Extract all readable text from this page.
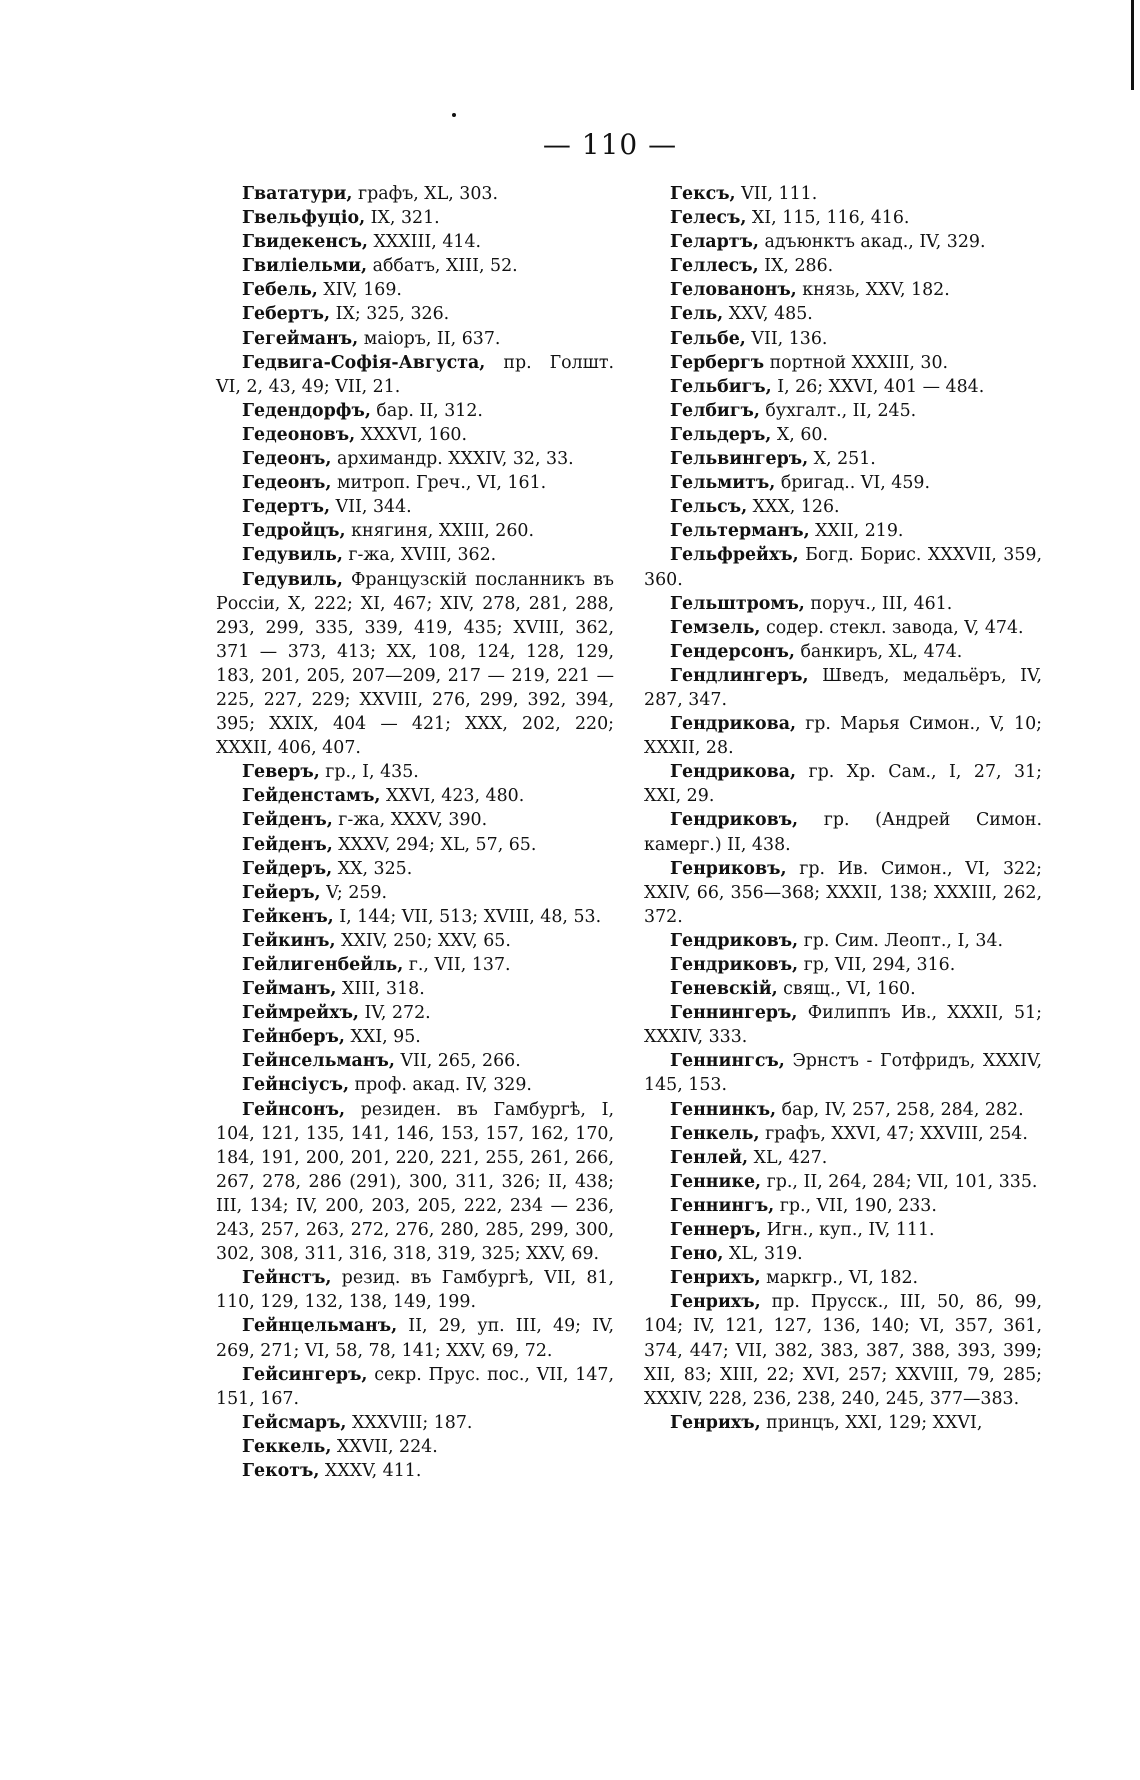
— 110 —

Гвататури, графъ, XL, 303.

Гвельфуціо, IX, 321.

Гвидекенсъ, XXXIII, 414.

Гвиліельми, аббатъ, XIII, 52.

Гебель, XIV, 169.

Гебертъ, IX; 325, 326.

Гегейманъ, маіоръ, II, 637.

Гедвига-Софія-Августа, пр. Голшт. VI, 2, 43, 49; VII, 21.

Гедендорфъ, бар. II, 312.

Гедеоновъ, XXXVI, 160.

Гедеонъ, архимандр. XXXIV, 32, 33.

Гедеонъ, митроп. Греч., VI, 161.

Гедертъ, VII, 344.

Гедройцъ, княгиня, XXIII, 260.

Гедувиль, г-жа, XVIII, 362.

Гедувиль, Французскій посланникъ въ Россіи, X, 222; XI, 467; XIV, 278, 281, 288, 293, 299, 335, 339, 419, 435; XVIII, 362, 371 — 373, 413; XX, 108, 124, 128, 129, 183, 201, 205, 207—209, 217 — 219, 221 — 225, 227, 229; XXVIII, 276, 299, 392, 394, 395; XXIX, 404 — 421; XXX, 202, 220; XXXII, 406, 407.

Геверъ, гр., I, 435.

Гейденстамъ, XXVI, 423, 480.

Гейденъ, г-жа, XXXV, 390.

Гейденъ, XXXV, 294; XL, 57, 65.

Гейдеръ, XX, 325.

Гейеръ, V; 259.

Гейкенъ, I, 144; VII, 513; XVIII, 48, 53.

Гейкинъ, XXIV, 250; XXV, 65.

Гейлигенбейль, г., VII, 137.

Гейманъ, XIII, 318.

Геймрейхъ, IV, 272.

Гейнберъ, XXI, 95.

Гейнсельманъ, VII, 265, 266.

Гейнсіусъ, проф. акад. IV, 329.

Гейнсонъ, резиден. въ Гамбургѣ, I, 104, 121, 135, 141, 146, 153, 157, 162, 170, 184, 191, 200, 201, 220, 221, 255, 261, 266, 267, 278, 286 (291), 300, 311, 326; II, 438; III, 134; IV, 200, 203, 205, 222, 234 — 236, 243, 257, 263, 272, 276, 280, 285, 299, 300, 302, 308, 311, 316, 318, 319, 325; XXV, 69.

Гейнстъ, резид. въ Гамбургѣ, VII, 81, 110, 129, 132, 138, 149, 199.

Гейнцельманъ, II, 29, уп. III, 49; IV, 269, 271; VI, 58, 78, 141; XXV, 69, 72.

Гейсингеръ, секр. Прус. пос., VII, 147, 151, 167.

Гейсмаръ, XXXVIII; 187.

Геккель, XXVII, 224.

Гекотъ, XXXV, 411.

Гексъ, VII, 111.

Гелесъ, XI, 115, 116, 416.

Гелартъ, адъюнктъ акад., IV, 329.

Геллесъ, IX, 286.

Гелованонъ, князь, XXV, 182.

Гель, XXV, 485.

Гельбе, VII, 136.

Гербергъ портной XXXIII, 30.

Гельбигъ, I, 26; XXVI, 401 — 484.

Гелбигъ, бухгалт., II, 245.

Гельдеръ, X, 60.

Гельвингеръ, X, 251.

Гельмитъ, бригад.. VI, 459.

Гельсъ, XXX, 126.

Гельтерманъ, XXII, 219.

Гельфрейхъ, Богд. Борис. XXXVII, 359, 360.

Гельштромъ, поруч., III, 461.

Гемзель, содер. стекл. завода, V, 474.

Гендерсонъ, банкиръ, XL, 474.

Гендлингеръ, Шведъ, медальёръ, IV, 287, 347.

Гендрикова, гр. Марья Симон., V, 10; XXXII, 28.

Гендрикова, гр. Хр. Сам., I, 27, 31; XXI, 29.

Гендриковъ, гр. (Андрей Симон. камерг.) II, 438.

Генриковъ, гр. Ив. Симон., VI, 322; XXIV, 66, 356—368; XXXII, 138; XXXIII, 262, 372.

Гендриковъ, гр. Сим. Леопт., I, 34.

Гендриковъ, гр, VII, 294, 316.

Геневскій, свящ., VI, 160.

Геннингеръ, Филиппъ Ив., XXXII, 51; XXXIV, 333.

Геннингсъ, Эрнстъ - Готфридъ, XXXIV, 145, 153.

Геннинкъ, бар, IV, 257, 258, 284, 282.

Генкель, графъ, XXVI, 47; XXVIII, 254.

Генлей, XL, 427.

Генникe, гр., II, 264, 284; VII, 101, 335.

Геннингъ, гр., VII, 190, 233.

Геннеръ, Игн., куп., IV, 111.

Гено, XL, 319.

Генрихъ, маркгр., VI, 182.

Генрихъ, пр. Прусск., III, 50, 86, 99, 104; IV, 121, 127, 136, 140; VI, 357, 361, 374, 447; VII, 382, 383, 387, 388, 393, 399; XII, 83; XIII, 22; XVI, 257; XXVIII, 79, 285; XXXIV, 228, 236, 238, 240, 245, 377—383.

Генрихъ, принцъ, XXI, 129; XXVI,
